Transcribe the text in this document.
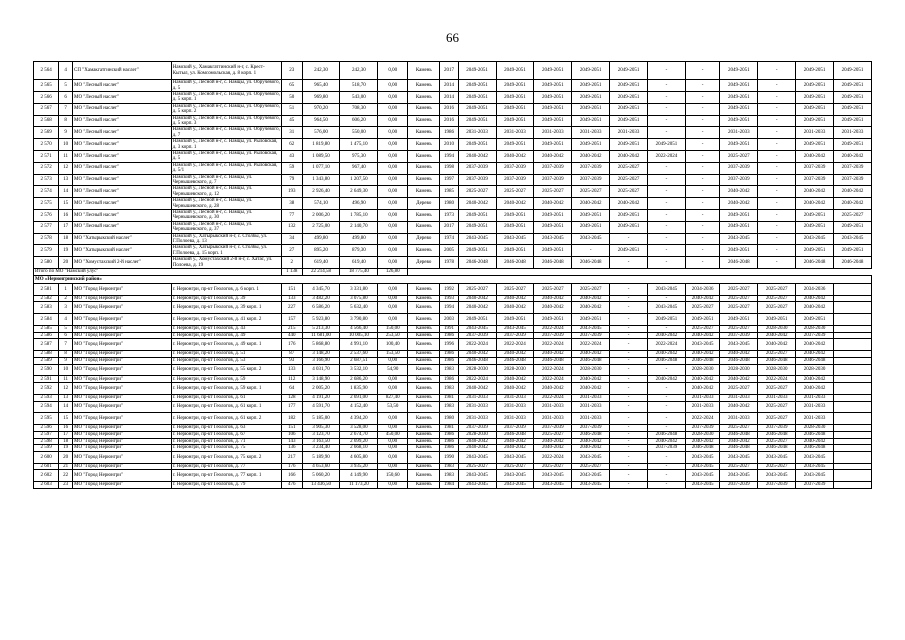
66
2 564	4	СП "Хамакгатгинский наслег"	Намский у., Хамакгатгинский н-г, с. Крест-Кытыл, ул. Комсомольская, д. 8 корп. 1	23	242,30	242,30	0,00	Камень	2017	2049-2051	2049-2051	2049-2051	2049-2051	2049-2051	-	-	2049-2051	-	2049-2051	2049-2051
2 565	5	МО "Лесный наслег"	Намский у., Лесной н-г, с. Намцы, ул. Обручевого, д. 5	65	965,40	518,70	0,00	Камень	2014	2049-2051	2049-2051	2049-2051	2049-2051	2049-2051	-	-	2049-2051	-	2049-2051	2049-2051
2 566	6	МО "Лесный наслег"	Намский у., Лесной н-г, с. Намцы, ул. Обручевого, д. 5 корп. 1	50	969,80	543,00	0,00	Камень	2014	2049-2051	2049-2051	2049-2051	2049-2051	2049-2051	-	-	2049-2051	-	2049-2051	2049-2051
2 567	7	МО "Лесный наслег"	Намский у., Лесной н-г, с. Намцы, ул. Обручевого, д. 5 корп. 2	51	970,20	708,30	0,00	Камень	2016	2049-2051	2049-2051	2049-2051	2049-2051	2049-2051	-	-	2049-2051	-	2049-2051	2049-2051
2 568	8	МО "Лесный наслег"	Намский у., Лесной н-г, с. Намцы, ул. Обручевого, д. 5 корп. 3	45	964,50	606,20	0,00	Камень	2016	2049-2051	2049-2051	2049-2051	2049-2051	2049-2051	-	-	2049-2051	-	2049-2051	2049-2051
2 569	9	МО "Лесный наслег"	Намский у., Лесной н-г, с. Намцы, ул. Обручевого, д. 7	31	576,00	550,00	0,00	Камень	1986	2031-2033	2031-2033	2031-2033	2031-2033	2031-2033	-	-	2031-2033	-	2031-2033	2031-2033
2 570	10	МО "Лесный наслег"	Намский у., Лесной н-г, с. Намцы, ул. Рыловская, д. 3 корп. 1	62	1 819,80	1 475,10	0,00	Камень	2010	2049-2051	2049-2051	2049-2051	2049-2051	2049-2051	2049-2051	-	2049-2051	-	2049-2051	2049-2051
2 571	11	МО "Лесный наслег"	Намский у., Лесной н-г, с. Намцы, ул. Рыловская, д. 5	43	1 089,50	975,30	0,00	Камень	1994	2040-2042	2040-2042	2040-2042	2040-2042	2040-2042	2022-2024	-	2025-2027	-	2040-2042	2040-2042
2 572	12	МО "Лесный наслег"	Намский у., Лесной н-г, с. Намцы, ул. Рыловская, д. 5/1	59	1 077,10	967,40	0,00	Камень	1998	2037-2039	2037-2039	2037-2039	2037-2039	2025-2027	-	-	2037-2039	-	2037-2039	2037-2039
2 573	13	МО "Лесный наслег"	Намский у., Лесной н-г, с. Намцы, ул. Чернышевского, д. 7	79	1 343,80	1 207,50	0,00	Камень	1997	2037-2039	2037-2039	2037-2039	2037-2039	2025-2027	-	-	2037-2039	-	2037-2039	2037-2039
2 574	14	МО "Лесный наслег"	Намский у., Лесной н-г, с. Намцы, ул. Чернышевского, д. 12	193	2 926,40	2 649,30	0,00	Камень	1985	2025-2027	2025-2027	2025-2027	2025-2027	2025-2027	-	-	2040-2042	-	2040-2042	2040-2042
2 575	15	МО "Лесный наслег"	Намский у., Лесной н-г, с. Намцы, ул. Чернышевского, д. 28	38	574,10	496,90	0,00	Дерево	1980	2040-2042	2040-2042	2040-2042	2040-2042	2040-2042	-	-	2040-2042	-	2040-2042	2040-2042
2 576	16	МО "Лесный наслег"	Намский у., Лесной н-г, с. Намцы, ул. Чернышевского, д. 30	77	2 006,20	1 785,10	0,00	Камень	1973	2049-2051	2049-2051	2049-2051	2049-2051	2049-2051	-	-	2049-2051	-	2049-2051	2025-2027
2 577	17	МО "Лесный наслег"	Намский у., Лесной н-г, с. Намцы, ул. Чернышевского, д. 37	132	2 725,00	2 140,70	0,00	Камень	2017	2049-2051	2049-2051	2049-2051	2049-2051	2049-2051	-	-	2049-2051	-	2049-2051	2049-2051
2 578	18	МО "Хатырыкский наслег"	Намский у., Хатырыкский н-г, с. Столбы, ул. Г.Полоева, д. 13	34	499,80	499,80	0,00	Дерево	1974	2043-2045	2043-2045	2043-2045	2043-2045	-	-	-	2043-2045	-	2043-2045	2043-2045
2 579	19	МО "Хатырыкский наслег"	Намский у., Хатырыкский н-г, с. Столбы, ул. Г.Полоева, д. 15 корп. 1	27	895,20	879,30	0,00	Камень	2005	2049-2051	2049-2051	2049-2051	-	2049-2051	-	-	2049-2051	-	2049-2051	2049-2051
2 580	20	МО "Хомустахский 2-й наслег"	Намский у., Хомустахский 2-й н-г, с. Хатас, ул. Полоева, д. 19	2	619,40	619,40	0,00	Дерево	1978	2046-2048	2046-2048	2046-2048	2046-2048	-	-	-	2046-2048	-	2046-2048	2046-2048
Итого по МО "Намский улус"				1 138	22 214,58	18 775,40	126,80													
МО «Нерюнгринский район»																				
2 581	1	МО "Город Нерюнгри"	г. Нерюнгри, пр-кт Геологов, д. 6 корп. 1	151	4 345,70	3 331,80	0,00	Камень	1992	2025-2027	2025-2027	2025-2027	2025-2027	-	2043-2045	2034-2036	2025-2027	2025-2027	2034-2036	
2 582	2	МО "Город Нерюнгри"	г. Нерюнгри, пр-кт Геологов, д. 39	133	3 482,20	3 075,80	0,00	Камень	1993	2040-2042	2040-2042	2040-2042	2040-2042	-	-	2040-2042	2025-2027	2025-2027	2040-2042	
2 583	3	МО "Город Нерюнгри"	г. Нерюнгри, пр-кт Геологов, д. 39 корп. 1	227	6 586,20	5 632,40	0,00	Камень	1994	2040-2042	2040-2042	2040-2042	2040-2042	-	2043-2045	2025-2027	2025-2027	2025-2027	2040-2042	
2 584	4	МО "Город Нерюнгри"	г. Нерюнгри, пр-кт Геологов, д. 41 корп. 2	157	5 923,80	3 790,80	0,00	Камень	2003	2049-2051	2049-2051	2049-2051	2049-2051	-	2049-2051	2049-2051	2049-2051	2049-2051	2049-2051	
2 585	5	МО "Город Нерюнгри"	г. Нерюнгри, пр-кт Геологов, д. 43	215	5 213,30	4 566,40	150,00	Камень	1991	2043-2045	2043-2045	2022-2024	2043-2045	-	-	2025-2027	2025-2027	2028-2030	2028-2030	
2 586	6	МО "Город Нерюнгри"	г. Нерюнгри, пр-кт Геологов, д. 49	440	11 681,00	10 005,10	253,50	Камень	1986	2037-2039	2037-2039	2037-2039	2037-2039	-	2040-2042	2040-2042	2037-2039	2040-2042	2037-2039	
2 587	7	МО "Город Нерюнгри"	г. Нерюнгри, пр-кт Геологов, д. 49 корп. 1	176	5 868,80	4 991,10	100,40	Камень	1996	2022-2024	2022-2024	2022-2024	2022-2024	-	2022-2024	2043-2045	2043-2045	2040-2042	2040-2042	
2 588	8	МО "Город Нерюнгри"	г. Нерюнгри, пр-кт Геологов, д. 51	87	3 148,20	2 537,60	153,50	Камень	1986	2040-2042	2040-2042	2040-2042	2040-2042	-	2040-2042	2040-2042	2040-2042	2025-2027	2040-2042	
2 589	9	МО "Город Нерюнгри"	г. Нерюнгри, пр-кт Геологов, д. 53	93	3 166,90	2 687,51	0,00	Камень	1986	2046-2048	2046-2048	2046-2048	2046-2048	-	2046-2048	2046-2048	2046-2048	2046-2048	2046-2048	
2 590	10	МО "Город Нерюнгри"	г. Нерюнгри, пр-кт Геологов, д. 55 корп. 2	133	4 031,70	3 532,10	54,90	Камень	1983	2028-2030	2028-2030	2022-2024	2028-2030	-	-	2028-2030	2028-2030	2028-2030	2028-2030	
2 591	11	МО "Город Нерюнгри"	г. Нерюнгри, пр-кт Геологов, д. 59	112	3 148,90	2 686,20	0,00	Камень	1986	2022-2024	2040-2042	2022-2024	2040-2042	-	2040-2042	2040-2042	2040-2042	2022-2024	2040-2042	
2 592	12	МО "Город Нерюнгри"	г. Нерюнгри, пр-кт Геологов, д. 59 корп. 1	64	2 005,20	1 835,90	0,00	Камень	1983	2040-2042	2040-2042	2040-2042	2040-2042	-	-	2040-2042	2025-2027	2025-2027	2040-2042	
2 593	13	МО "Город Нерюнгри"	г. Нерюнгри, пр-кт Геологов, д. 61	128	4 191,20	2 691,00	827,40	Камень	1981	2031-2033	2031-2033	2022-2024	2031-2033	-	-	2031-2033	2031-2033	2031-2033	2031-2033	
2 594	14	МО "Город Нерюнгри"	г. Нерюнгри, пр-кт Геологов, д. 61 корп. 1	177	4 591,70	4 152,40	53,50	Камень	1983	2031-2033	2031-2033	2031-2033	2031-2033	-	-	2031-2033	2040-2042	2025-2027	2031-2033	
2 595	15	МО "Город Нерюнгри"	г. Нерюнгри, пр-кт Геологов, д. 61 корп. 2	182	5 185,00	4 394,20	0,00	Камень	1980	2031-2033	2031-2033	2031-2033	2031-2033	-	-	2022-2024	2031-2033	2025-2027	2031-2033	
2 596	16	МО "Город Нерюнгри"	г. Нерюнгри, пр-кт Геологов, д. 63	151	3 905,30	3 528,00	0,00	Камень	1981	2037-2039	2037-2039	2037-2039	2037-2039	-	-	2037-2039	2025-2027	2037-2039	2028-2030	
2 597	17	МО "Город Нерюнгри"	г. Нерюнгри, пр-кт Геологов, д. 67	106	3 123,70	2 674,70	450,00	Камень	1986	2028-2030	2046-2048	2025-2027	2046-2048	-	2046-2048	2028-2030	2046-2048	2046-2048	2046-2048	
2 598	18	МО "Город Нерюнгри"	г. Нерюнгри, пр-кт Геологов, д. 71	143	3 163,50	2 699,20	0,00	Камень	1986	2040-2042	2040-2042	2040-2042	2040-2042	-	2040-2042	2040-2042	2040-2042	2025-2027	2040-2042	
2 599	19	МО "Город Нерюнгри"	г. Нерюнгри, пр-кт Геологов, д. 75	136	3 234,40	2 668,10	0,00	Камень	1986	2040-2042	2040-2042	2040-2042	2040-2042	-	2037-2039	2046-2048	2046-2048	2046-2048	2046-2048	
2 600	20	МО "Город Нерюнгри"	г. Нерюнгри, пр-кт Геологов, д. 75 корп. 2	217	5 189,90	4 605,80	0,00	Камень	1990	2043-2045	2043-2045	2022-2024	2043-2045	-	-	2043-2045	2043-2045	2043-2045	2043-2045	
2 601	21	МО "Город Нерюнгри"	г. Нерюнгри, пр-кт Геологов, д. 77	176	4 653,60	3 935,20	0,00	Камень	1983	2025-2027	2025-2027	2025-2027	2025-2027	-	-	2043-2045	2025-2027	2025-2027	2043-2045	
2 602	22	МО "Город Нерюнгри"	г. Нерюнгри, пр-кт Геологов, д. 77 корп. 1	166	5 060,20	4 149,90	150,60	Камень	1983	2043-2045	2043-2045	2043-2045	2043-2045	-	-	2043-2045	2043-2045	2043-2045	2043-2045	
2 603	23	МО "Город Нерюнгри"	г. Нерюнгри, пр-кт Геологов, д. 79	476	13 436,50	11 173,20	0,00	Камень	1984	2043-2045	2043-2045	2043-2045	2043-2045	-	-	2043-2045	2037-2039	2037-2039	2037-2039	
